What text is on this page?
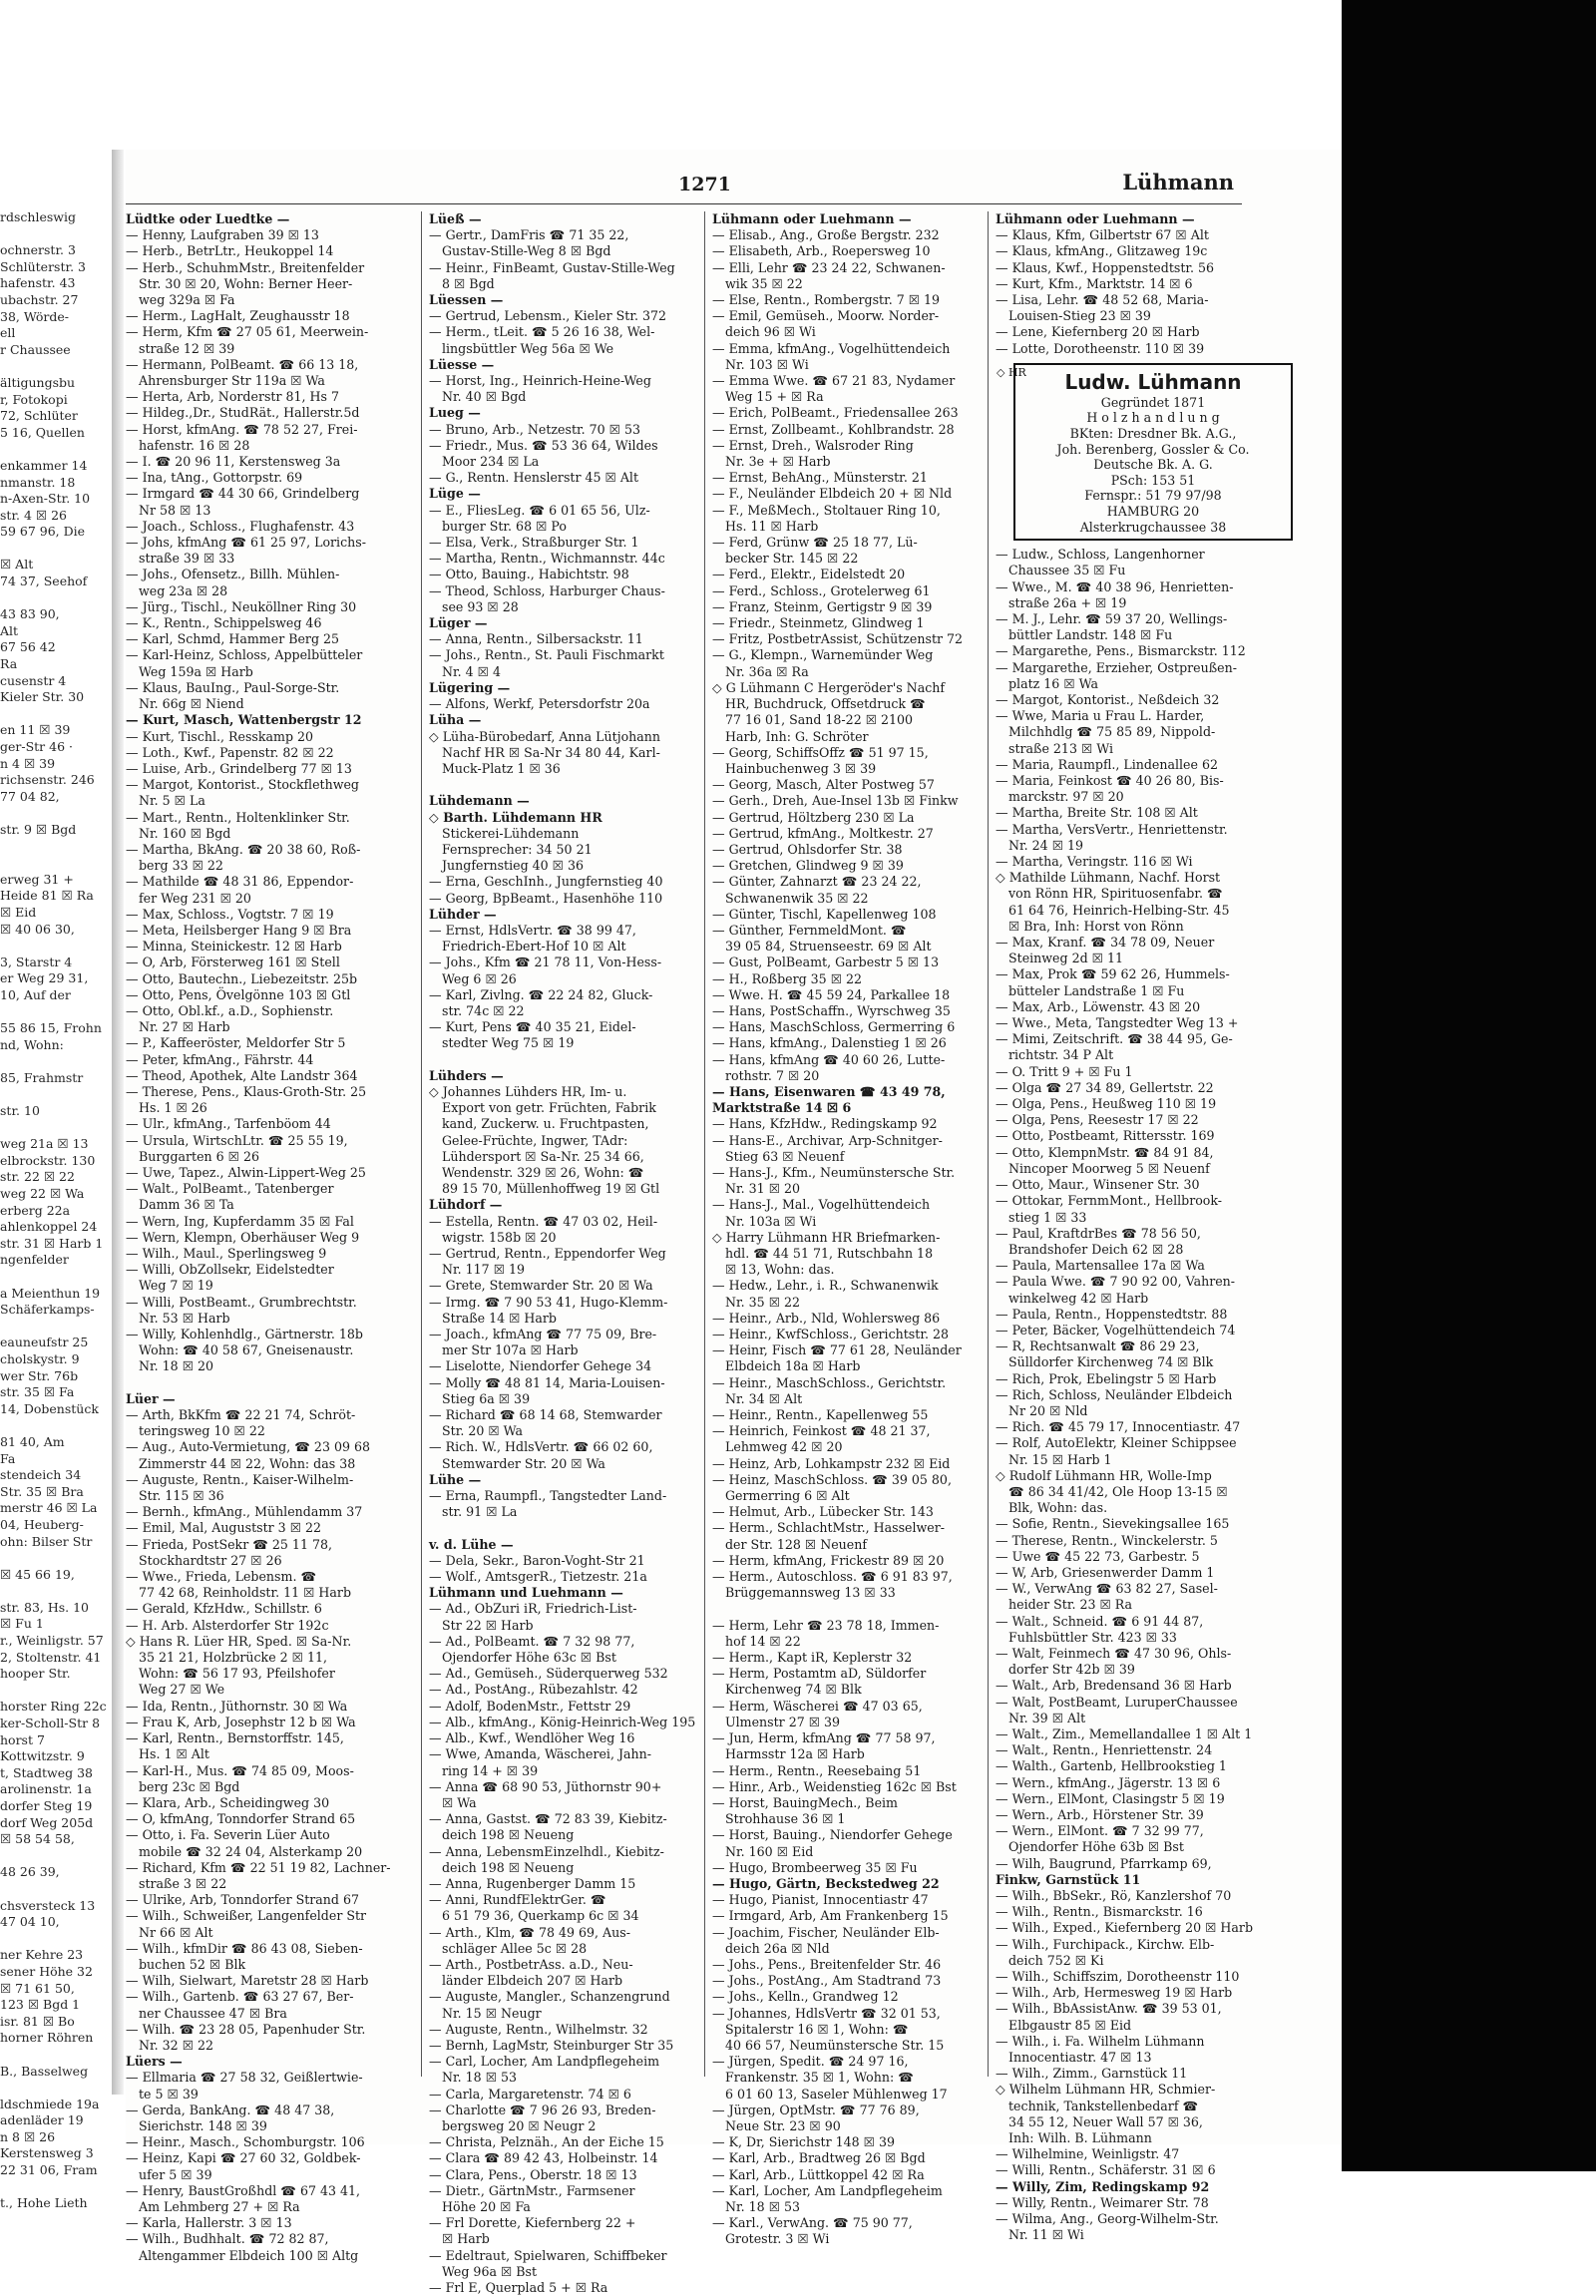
rdschleswig

ochnerstr. 3
Schlüterstr. 3
hafenstr. 43
ubachstr. 27
38, Wörde-
ell
r Chaussee

ältigungsbu
r, Fotokopi
72, Schlüter
5 16, Quellen

enkammer 14
nmanstr. 18
n-Axen-Str. 10
str. 4 ☒ 26
59 67 96, Die

☒ Alt
74 37, Seehof

43 83 90,
Alt
67 56 42
Ra
cusenstr 4
Kieler Str. 30

en 11 ☒ 39
ger-Str 46 ·
n 4 ☒ 39
richsenstr. 246
77 04 82,

str. 9 ☒ Bgd

erweg 31 +
Heide 81 ☒ Ra
☒ Eid
☒ 40 06 30,

3, Starstr 4
er Weg 29 31,
10, Auf der

55 86 15, Frohn
nd, Wohn:

85, Frahmstr

str. 10

weg 21a ☒ 13
elbrockstr. 130
str. 22 ☒ 22
weg 22 ☒ Wa
erberg 22a
ahlenkoppel 24
str. 31 ☒ Harb 1
ngenfelder

a Meienthun 19
Schäferkamps-

eauneufstr 25
cholskystr. 9
wer Str. 76b
str. 35 ☒ Fa
14, Dobenstück

81 40, Am
Fa
stendeich 34
Str. 35 ☒ Bra
merstr 46 ☒ La
04, Heuberg-
ohn: Bilser Str

☒ 45 66 19,

str. 83, Hs. 10
☒ Fu 1
r., Weinligstr. 57
2, Stoltenstr. 41
hooper Str.

horster Ring 22c
ker-Scholl-Str 8
horst 7
Kottwitzstr. 9
t, Stadtweg 38
arolinenstr. 1a
dorfer Steg 19
dorf Weg 205d
☒ 58 54 58,

48 26 39,

chsversteck 13
47 04 10,

ner Kehre 23
sener Höhe 32
☒ 71 61 50,
123 ☒ Bgd 1
isr. 81 ☒ Bo
horner Röhren

B., Basselweg

ldschmiede 19a
adenläder 19
n 8 ☒ 26
Kerstensweg 3
22 31 06, Fram

t., Hohe Lieth
1271	Lühmann
Lüdtke oder Luedtke —
— Henny, Laufgraben 39 ☒ 13
— Herb., BetrLtr., Heukoppel 14
— Herb., SchuhmMstr., Breitenfelder
Str. 30 ☒ 20, Wohn: Berner Heer-
weg 329a ☒ Fa
— Herm., LagHalt, Zeughausstr 18
— Herm, Kfm ☎ 27 05 61, Meerwein-
straße 12 ☒ 39
— Hermann, PolBeamt. ☎ 66 13 18,
Ahrensburger Str 119a ☒ Wa
— Herta, Arb, Norderstr 81, Hs 7
— Hildeg.,Dr., StudRät., Hallerstr.5d
— Horst, kfmAng. ☎ 78 52 27, Frei-
hafenstr. 16 ☒ 28
— I. ☎ 20 96 11, Kerstensweg 3a
— Ina, tAng., Gottorpstr. 69
— Irmgard ☎ 44 30 66, Grindelberg
Nr 58 ☒ 13
— Joach., Schloss., Flughafenstr. 43
— Johs, kfmAng ☎ 61 25 97, Lorichs-
straße 39 ☒ 33
— Johs., Ofensetz., Billh. Mühlen-
weg 23a ☒ 28
— Jürg., Tischl., Neuköllner Ring 30
— K., Rentn., Schippelsweg 46
— Karl, Schmd, Hammer Berg 25
— Karl-Heinz, Schloss, Appelbütteler
Weg 159a ☒ Harb
— Klaus, BauIng., Paul-Sorge-Str.
Nr. 66g ☒ Niend
— Kurt, Masch, Wattenbergstr 12
— Kurt, Tischl., Resskamp 20
— Loth., Kwf., Papenstr. 82 ☒ 22
— Luise, Arb., Grindelberg 77 ☒ 13
— Margot, Kontorist., Stockflethweg
Nr. 5 ☒ La
— Mart., Rentn., Holtenklinker Str.
Nr. 160 ☒ Bgd
— Martha, BkAng. ☎ 20 38 60, Roß-
berg 33 ☒ 22
— Mathilde ☎ 48 31 86, Eppendor-
fer Weg 231 ☒ 20
— Max, Schloss., Vogtstr. 7 ☒ 19
— Meta, Heilsberger Hang 9 ☒ Bra
— Minna, Steinickestr. 12 ☒ Harb
— O, Arb, Försterweg 161 ☒ Stell
— Otto, Bautechn., Liebezeitstr. 25b
— Otto, Pens, Övelgönne 103 ☒ Gtl
— Otto, Obl.kf., a.D., Sophienstr.
Nr. 27 ☒ Harb
— P., Kaffeeröster, Meldorfer Str 5
— Peter, kfmAng., Fährstr. 44
— Theod, Apothek, Alte Landstr 364
— Therese, Pens., Klaus-Groth-Str. 25
Hs. 1 ☒ 26
— Ulr., kfmAng., Tarfenböom 44
— Ursula, WirtschLtr. ☎ 25 55 19,
Burggarten 6 ☒ 26
— Uwe, Tapez., Alwin-Lippert-Weg 25
— Walt., PolBeamt., Tatenberger
Damm 36 ☒ Ta
— Wern, Ing, Kupferdamm 35 ☒ Fal
— Wern, Klempn, Oberhäuser Weg 9
— Wilh., Maul., Sperlingsweg 9
— Willi, ObZollsekr, Eidelstedter
Weg 7 ☒ 19
— Willi, PostBeamt., Grumbrechtstr.
Nr. 53 ☒ Harb
— Willy, Kohlenhdlg., Gärtnerstr. 18b
Wohn: ☎ 40 58 67, Gneisenaustr.
Nr. 18 ☒ 20

Lüer —
— Arth, BkKfm ☎ 22 21 74, Schröt-
teringsweg 10 ☒ 22
— Aug., Auto-Vermietung, ☎ 23 09 68
Zimmerstr 44 ☒ 22, Wohn: das 38
— Auguste, Rentn., Kaiser-Wilhelm-
Str. 115 ☒ 36
— Bernh., kfmAng., Mühlendamm 37
— Emil, Mal, Auguststr 3 ☒ 22
— Frieda, PostSekr ☎ 25 11 78,
Stockhardtstr 27 ☒ 26
— Wwe., Frieda, Lebensm. ☎
77 42 68, Reinholdstr. 11 ☒ Harb
— Gerald, KfzHdw., Schillstr. 6
— H. Arb. Alsterdorfer Str 192c
◇ Hans R. Lüer HR, Sped. ☒ Sa-Nr.
35 21 21, Holzbrücke 2 ☒ 11,
Wohn: ☎ 56 17 93, Pfeilshofer
Weg 27 ☒ We
— Ida, Rentn., Jüthornstr. 30 ☒ Wa
— Frau K, Arb, Josephstr 12 b ☒ Wa
— Karl, Rentn., Bernstorffstr. 145,
Hs. 1 ☒ Alt
— Karl-H., Mus. ☎ 74 85 09, Moos-
berg 23c ☒ Bgd
— Klara, Arb., Scheidingweg 30
— O, kfmAng, Tonndorfer Strand 65
— Otto, i. Fa. Severin Lüer Auto
mobile ☎ 32 24 04, Alsterkamp 20
— Richard, Kfm ☎ 22 51 19 82, Lachner-
straße 3 ☒ 22
— Ulrike, Arb, Tonndorfer Strand 67
— Wilh., Schweißer, Langenfelder Str
Nr 66 ☒ Alt
— Wilh., kfmDir ☎ 86 43 08, Sieben-
buchen 52 ☒ Blk
— Wilh, Sielwart, Maretstr 28 ☒ Harb
— Wilh., Gartenb. ☎ 63 27 67, Ber-
ner Chaussee 47 ☒ Bra
— Wilh. ☎ 23 28 05, Papenhuder Str.
Nr. 32 ☒ 22
Lüers —
— Ellmaria ☎ 27 58 32, Geißlertwie-
te 5 ☒ 39
— Gerda, BankAng. ☎ 48 47 38,
Sierichstr. 148 ☒ 39
— Heinr., Masch., Schomburgstr. 106
— Heinz, Kapi ☎ 27 60 32, Goldbek-
ufer 5 ☒ 39
— Henry, BaustGroßhdl ☎ 67 43 41,
Am Lehmberg 27 + ☒ Ra
— Karla, Hallerstr. 3 ☒ 13
— Wilh., Budhhalt. ☎ 72 82 87,
Altengammer Elbdeich 100 ☒ Altg
Lüeß —
— Gertr., DamFris ☎ 71 35 22,
Gustav-Stille-Weg 8 ☒ Bgd
— Heinr., FinBeamt, Gustav-Stille-Weg
8 ☒ Bgd
Lüessen —
— Gertrud, Lebensm., Kieler Str. 372
— Herm., tLeit. ☎ 5 26 16 38, Wel-
lingsbüttler Weg 56a ☒ We
Lüesse —
— Horst, Ing., Heinrich-Heine-Weg
Nr. 40 ☒ Bgd
Lueg —
— Bruno, Arb., Netzestr. 70 ☒ 53
— Friedr., Mus. ☎ 53 36 64, Wildes
Moor 234 ☒ La
— G., Rentn. Henslerstr 45 ☒ Alt
Lüge —
— E., FliesLeg. ☎ 6 01 65 56, Ulz-
burger Str. 68 ☒ Po
— Elsa, Verk., Straßburger Str. 1
— Martha, Rentn., Wichmannstr. 44c
— Otto, Bauing., Habichtstr. 98
— Theod, Schloss, Harburger Chaus-
see 93 ☒ 28
Lüger —
— Anna, Rentn., Silbersackstr. 11
— Johs., Rentn., St. Pauli Fischmarkt
Nr. 4 ☒ 4
Lügering —
— Alfons, Werkf, Petersdorfstr 20a
Lüha —
◇ Lüha-Bürobedarf, Anna Lütjohann
Nachf HR ☒ Sa-Nr 34 80 44, Karl-
Muck-Platz 1 ☒ 36

Lühdemann —
◇ Barth. Lühdemann HR
Stickerei-Lühdemann
Fernsprecher: 34 50 21
Jungfernstieg 40 ☒ 36
— Erna, GeschInh., Jungfernstieg 40
— Georg, BpBeamt., Hasenhöhe 110
Lühder —
— Ernst, HdlsVertr. ☎ 38 99 47,
Friedrich-Ebert-Hof 10 ☒ Alt
— Johs., Kfm ☎ 21 78 11, Von-Hess-
Weg 6 ☒ 26
— Karl, Zivlng. ☎ 22 24 82, Gluck-
str. 74c ☒ 22
— Kurt, Pens ☎ 40 35 21, Eidel-
stedter Weg 75 ☒ 19

Lühders —
◇ Johannes Lühders HR, Im- u.
Export von getr. Früchten, Fabrik
kand, Zuckerw. u. Fruchtpasten,
Gelee-Früchte, Ingwer, TAdr:
Lühdersport ☒ Sa-Nr. 25 34 66,
Wendenstr. 329 ☒ 26, Wohn: ☎
89 15 70, Müllenhoffweg 19 ☒ Gtl
Lühdorf —
— Estella, Rentn. ☎ 47 03 02, Heil-
wigstr. 158b ☒ 20
— Gertrud, Rentn., Eppendorfer Weg
Nr. 117 ☒ 19
— Grete, Stemwarder Str. 20 ☒ Wa
— Irmg. ☎ 7 90 53 41, Hugo-Klemm-
Straße 14 ☒ Harb
— Joach., kfmAng ☎ 77 75 09, Bre-
mer Str 107a ☒ Harb
— Liselotte, Niendorfer Gehege 34
— Molly ☎ 48 81 14, Maria-Louisen-
Stieg 6a ☒ 39
— Richard ☎ 68 14 68, Stemwarder
Str. 20 ☒ Wa
— Rich. W., HdlsVertr. ☎ 66 02 60,
Stemwarder Str. 20 ☒ Wa
Lühe —
— Erna, Raumpfl., Tangstedter Land-
str. 91 ☒ La

v. d. Lühe —
— Dela, Sekr., Baron-Voght-Str 21
— Wolf., AmtsgerR., Tietzestr. 21a
Lühmann und Luehmann —
— Ad., ObZuri iR, Friedrich-List-
Str 22 ☒ Harb
— Ad., PolBeamt. ☎ 7 32 98 77,
Ojendorfer Höhe 63c ☒ Bst
— Ad., Gemüseh., Süderquerweg 532
— Ad., PostAng., Rübezahlstr. 42
— Adolf, BodenMstr., Fettstr 29
— Alb., kfmAng., König-Heinrich-Weg 195
— Alb., Kwf., Wendlöher Weg 16
— Wwe, Amanda, Wäscherei, Jahn-
ring 14 + ☒ 39
— Anna ☎ 68 90 53, Jüthornstr 90+
☒ Wa
— Anna, Gastst. ☎ 72 83 39, Kiebitz-
deich 198 ☒ Neueng
— Anna, LebensmEinzelhdl., Kiebitz-
deich 198 ☒ Neueng
— Anna, Rugenberger Damm 15
— Anni, RundfElektrGer. ☎
6 51 79 36, Querkamp 6c ☒ 34
— Arth., Klm, ☎ 78 49 69, Aus-
schläger Allee 5c ☒ 28
— Arth., PostbetrAss. a.D., Neu-
länder Elbdeich 207 ☒ Harb
— Auguste, Mangler., Schanzengrund
Nr. 15 ☒ Neugr
— Auguste, Rentn., Wilhelmstr. 32
— Bernh, LagMstr, Steinburger Str 35
— Carl, Locher, Am Landpflegeheim
Nr. 18 ☒ 53
— Carla, Margaretenstr. 74 ☒ 6
— Charlotte ☎ 7 96 26 93, Breden-
bergsweg 20 ☒ Neugr 2
— Christa, Pelznäh., An der Eiche 15
— Clara ☎ 89 42 43, Holbeinstr. 14
— Clara, Pens., Oberstr. 18 ☒ 13
— Dietr., GärtnMstr., Farmsener
Höhe 20 ☒ Fa
— Frl Dorette, Kiefernberg 22 +
☒ Harb
— Edeltraut, Spielwaren, Schiffbeker
Weg 96a ☒ Bst
— Frl E, Querplad 5 + ☒ Ra
Lühmann oder Luehmann —
— Elisab., Ang., Große Bergstr. 232
— Elisabeth, Arb., Roepersweg 10
— Elli, Lehr ☎ 23 24 22, Schwanen-
wik 35 ☒ 22
— Else, Rentn., Rombergstr. 7 ☒ 19
— Emil, Gemüseh., Moorw. Norder-
deich 96 ☒ Wi
— Emma, kfmAng., Vogelhüttendeich
Nr. 103 ☒ Wi
— Emma Wwe. ☎ 67 21 83, Nydamer
Weg 15 + ☒ Ra
— Erich, PolBeamt., Friedensallee 263
— Ernst, Zollbeamt., Kohlbrandstr. 28
— Ernst, Dreh., Walsroder Ring
Nr. 3e + ☒ Harb
— Ernst, BehAng., Münsterstr. 21
— F., Neuländer Elbdeich 20 + ☒ Nld
— F., MeßMech., Stoltauer Ring 10,
Hs. 11 ☒ Harb
— Ferd, Grünw ☎ 25 18 77, Lü-
becker Str. 145 ☒ 22
— Ferd., Elektr., Eidelstedt 20
— Ferd., Schloss., Grotelerweg 61
— Franz, Steinm, Gertigstr 9 ☒ 39
— Friedr., Steinmetz, Glindweg 1
— Fritz, PostbetrAssist, Schützenstr 72
— G., Klempn., Warnemünder Weg
Nr. 36a ☒ Ra
◇ G Lühmann C Hergeröder's Nachf
HR, Buchdruck, Offsetdruck ☎
77 16 01, Sand 18-22 ☒ 2100
Harb, Inh: G. Schröter
— Georg, SchiffsOffz ☎ 51 97 15,
Hainbuchenweg 3 ☒ 39
— Georg, Masch, Alter Postweg 57
— Gerh., Dreh, Aue-Insel 13b ☒ Finkw
— Gertrud, Höltzberg 230 ☒ La
— Gertrud, kfmAng., Moltkestr. 27
— Gertrud, Ohlsdorfer Str. 38
— Gretchen, Glindweg 9 ☒ 39
— Günter, Zahnarzt ☎ 23 24 22,
Schwanenwik 35 ☒ 22
— Günter, Tischl, Kapellenweg 108
— Günther, FernmeldMont. ☎
39 05 84, Struenseestr. 69 ☒ Alt
— Gust, PolBeamt, Garbestr 5 ☒ 13
— H., Roßberg 35 ☒ 22
— Wwe. H. ☎ 45 59 24, Parkallee 18
— Hans, PostSchaffn., Wyrschweg 35
— Hans, MaschSchloss, Germerring 6
— Hans, kfmAng., Dalenstieg 1 ☒ 26
— Hans, kfmAng ☎ 40 60 26, Lutte-
rothstr. 7 ☒ 20
— Hans, Eisenwaren ☎ 43 49 78,
Marktstraße 14 ☒ 6
— Hans, KfzHdw., Redingskamp 92
— Hans-E., Archivar, Arp-Schnitger-
Stieg 63 ☒ Neuenf
— Hans-J., Kfm., Neumünstersche Str.
Nr. 31 ☒ 20
— Hans-J., Mal., Vogelhüttendeich
Nr. 103a ☒ Wi
◇ Harry Lühmann HR Briefmarken-
hdl. ☎ 44 51 71, Rutschbahn 18
☒ 13, Wohn: das.
— Hedw., Lehr., i. R., Schwanenwik
Nr. 35 ☒ 22
— Heinr., Arb., Nld, Wohlersweg 86
— Heinr., KwfSchloss., Gerichtstr. 28
— Heinr, Fisch ☎ 77 61 28, Neuländer
Elbdeich 18a ☒ Harb
— Heinr., MaschSchloss., Gerichtstr.
Nr. 34 ☒ Alt
— Heinr., Rentn., Kapellenweg 55
— Heinrich, Feinkost ☎ 48 21 37,
Lehmweg 42 ☒ 20
— Heinz, Arb, Lohkampstr 232 ☒ Eid
— Heinz, MaschSchloss. ☎ 39 05 80,
Germerring 6 ☒ Alt
— Helmut, Arb., Lübecker Str. 143
— Herm., SchlachtMstr., Hasselwer-
der Str. 128 ☒ Neuenf
— Herm, kfmAng, Frickestr 89 ☒ 20
— Herm., Autoschloss. ☎ 6 91 83 97,
Brüggemannsweg 13 ☒ 33

— Herm, Lehr ☎ 23 78 18, Immen-
hof 14 ☒ 22
— Herm., Kapt iR, Keplerstr 32
— Herm, Postamtm aD, Süldorfer
Kirchenweg 74 ☒ Blk
— Herm, Wäscherei ☎ 47 03 65,
Ulmenstr 27 ☒ 39
— Jun, Herm, kfmAng ☎ 77 58 97,
Harmsstr 12a ☒ Harb
— Herm., Rentn., Reesebaing 51
— Hinr., Arb., Weidenstieg 162c ☒ Bst
— Horst, BauingMech., Beim
Strohhause 36 ☒ 1
— Horst, Bauing., Niendorfer Gehege
Nr. 160 ☒ Eid
— Hugo, Brombeerweg 35 ☒ Fu
— Hugo, Gärtn, Beckstedweg 22
— Hugo, Pianist, Innocentiastr 47
— Irmgard, Arb, Am Frankenberg 15
— Joachim, Fischer, Neuländer Elb-
deich 26a ☒ Nld
— Johs., Pens., Breitenfelder Str. 46
— Johs., PostAng., Am Stadtrand 73
— Johs., Kelln., Grandweg 12
— Johannes, HdlsVertr ☎ 32 01 53,
Spitalerstr 16 ☒ 1, Wohn: ☎
40 66 57, Neumünstersche Str. 15
— Jürgen, Spedit. ☎ 24 97 16,
Frankenstr. 35 ☒ 1, Wohn: ☎
6 01 60 13, Saseler Mühlenweg 17
— Jürgen, OptMstr. ☎ 77 76 89,
Neue Str. 23 ☒ 90
— K, Dr, Sierichstr 148 ☒ 39
— Karl, Arb., Bradtweg 26 ☒ Bgd
— Karl, Arb., Lüttkoppel 42 ☒ Ra
— Karl, Locher, Am Landpflegeheim
Nr. 18 ☒ 53
— Karl., VerwAng. ☎ 75 90 77,
Grotestr. 3 ☒ Wi
Lühmann oder Luehmann —
— Klaus, Kfm, Gilbertstr 67 ☒ Alt
— Klaus, kfmAng., Glitzaweg 19c
— Klaus, Kwf., Hoppenstedtstr. 56
— Kurt, Kfm., Marktstr. 14 ☒ 6
— Lisa, Lehr. ☎ 48 52 68, Maria-
Louisen-Stieg 23 ☒ 39
— Lene, Kiefernberg 20 ☒ Harb
— Lotte, Dorotheenstr. 110 ☒ 39
◇ HR	Ludw. Lühmann
Gegründet 1871
H o l z h a n d l u n g
BKten: Dresdner Bk. A.G.,
Joh. Berenberg, Gossler & Co.
Deutsche Bk. A. G.
PSch: 153 51
Fernspr.: 51 79 97/98
HAMBURG 20
Alsterkrugchaussee 38
— Ludw., Schloss, Langenhorner
Chaussee 35 ☒ Fu
— Wwe., M. ☎ 40 38 96, Henrietten-
straße 26a + ☒ 19
— M. J., Lehr. ☎ 59 37 20, Wellings-
büttler Landstr. 148 ☒ Fu
— Margarethe, Pens., Bismarckstr. 112
— Margarethe, Erzieher, Ostpreußen-
platz 16 ☒ Wa
— Margot, Kontorist., Neßdeich 32
— Wwe, Maria u Frau L. Harder,
Milchhdlg ☎ 75 85 89, Nippold-
straße 213 ☒ Wi
— Maria, Raumpfl., Lindenallee 62
— Maria, Feinkost ☎ 40 26 80, Bis-
marckstr. 97 ☒ 20
— Martha, Breite Str. 108 ☒ Alt
— Martha, VersVertr., Henriettenstr.
Nr. 24 ☒ 19
— Martha, Veringstr. 116 ☒ Wi
◇ Mathilde Lühmann, Nachf. Horst
von Rönn HR, Spirituosenfabr. ☎
61 64 76, Heinrich-Helbing-Str. 45
☒ Bra, Inh: Horst von Rönn
— Max, Kranf. ☎ 34 78 09, Neuer
Steinweg 2d ☒ 11
— Max, Prok ☎ 59 62 26, Hummels-
bütteler Landstraße 1 ☒ Fu
— Max, Arb., Löwenstr. 43 ☒ 20
— Wwe., Meta, Tangstedter Weg 13 +
— Mimi, Zeitschrift. ☎ 38 44 95, Ge-
richtstr. 34 P Alt
— O. Tritt 9 + ☒ Fu 1
— Olga ☎ 27 34 89, Gellertstr. 22
— Olga, Pens., Heußweg 110 ☒ 19
— Olga, Pens, Reesestr 17 ☒ 22
— Otto, Postbeamt, Rittersstr. 169
— Otto, KlempnMstr. ☎ 84 91 84,
Nincoper Moorweg 5 ☒ Neuenf
— Otto, Maur., Winsener Str. 30
— Ottokar, FernmMont., Hellbrook-
stieg 1 ☒ 33
— Paul, KraftdrBes ☎ 78 56 50,
Brandshofer Deich 62 ☒ 28
— Paula, Martensallee 17a ☒ Wa
— Paula Wwe. ☎ 7 90 92 00, Vahren-
winkelweg 42 ☒ Harb
— Paula, Rentn., Hoppenstedtstr. 88
— Peter, Bäcker, Vogelhüttendeich 74
— R, Rechtsanwalt ☎ 86 29 23,
Sülldorfer Kirchenweg 74 ☒ Blk
— Rich, Prok, Ebelingstr 5 ☒ Harb
— Rich, Schloss, Neuländer Elbdeich
Nr 20 ☒ Nld
— Rich. ☎ 45 79 17, Innocentiastr. 47
— Rolf, AutoElektr, Kleiner Schippsee
Nr. 15 ☒ Harb 1
◇ Rudolf Lühmann HR, Wolle-Imp
☎ 86 34 41/42, Ole Hoop 13-15 ☒
Blk, Wohn: das.
— Sofie, Rentn., Sievekingsallee 165
— Therese, Rentn., Winckelerstr. 5
— Uwe ☎ 45 22 73, Garbestr. 5
— W, Arb, Griesenwerder Damm 1
— W., VerwAng ☎ 63 82 27, Sasel-
heider Str. 23 ☒ Ra
— Walt., Schneid. ☎ 6 91 44 87,
Fuhlsbüttler Str. 423 ☒ 33
— Walt, Feinmech ☎ 47 30 96, Ohls-
dorfer Str 42b ☒ 39
— Walt., Arb, Bredensand 36 ☒ Harb
— Walt, PostBeamt, LuruperChaussee
Nr. 39 ☒ Alt
— Walt., Zim., Memellandallee 1 ☒ Alt 1
— Walt., Rentn., Henriettenstr. 24
— Walth., Gartenb, Hellbrookstieg 1
— Wern., kfmAng., Jägerstr. 13 ☒ 6
— Wern., ElMont, Clasingstr 5 ☒ 19
— Wern., Arb., Hörstener Str. 39
— Wern., ElMont. ☎ 7 32 99 77,
Ojendorfer Höhe 63b ☒ Bst
— Wilh, Baugrund, Pfarrkamp 69,
Finkw, Garnstück 11
— Wilh., BbSekr., Rö, Kanzlershof 70
— Wilh., Rentn., Bismarckstr. 16
— Wilh., Exped., Kiefernberg 20 ☒ Harb
— Wilh., Furchipack., Kirchw. Elb-
deich 752 ☒ Ki
— Wilh., Schiffszim, Dorotheenstr 110
— Wilh., Arb, Hermesweg 19 ☒ Harb
— Wilh., BbAssistAnw. ☎ 39 53 01,
Elbgaustr 85 ☒ Eid
— Wilh., i. Fa. Wilhelm Lühmann
Innocentiastr. 47 ☒ 13
— Wilh., Zimm., Garnstück 11
◇ Wilhelm Lühmann HR, Schmier-
technik, Tankstellenbedarf ☎
34 55 12, Neuer Wall 57 ☒ 36,
Inh: Wilh. B. Lühmann
— Wilhelmine, Weinligstr. 47
— Willi, Rentn., Schäferstr. 31 ☒ 6
— Willy, Zim, Redingskamp 92
— Willy, Rentn., Weimarer Str. 78
— Wilma, Ang., Georg-Wilhelm-Str.
Nr. 11 ☒ Wi
